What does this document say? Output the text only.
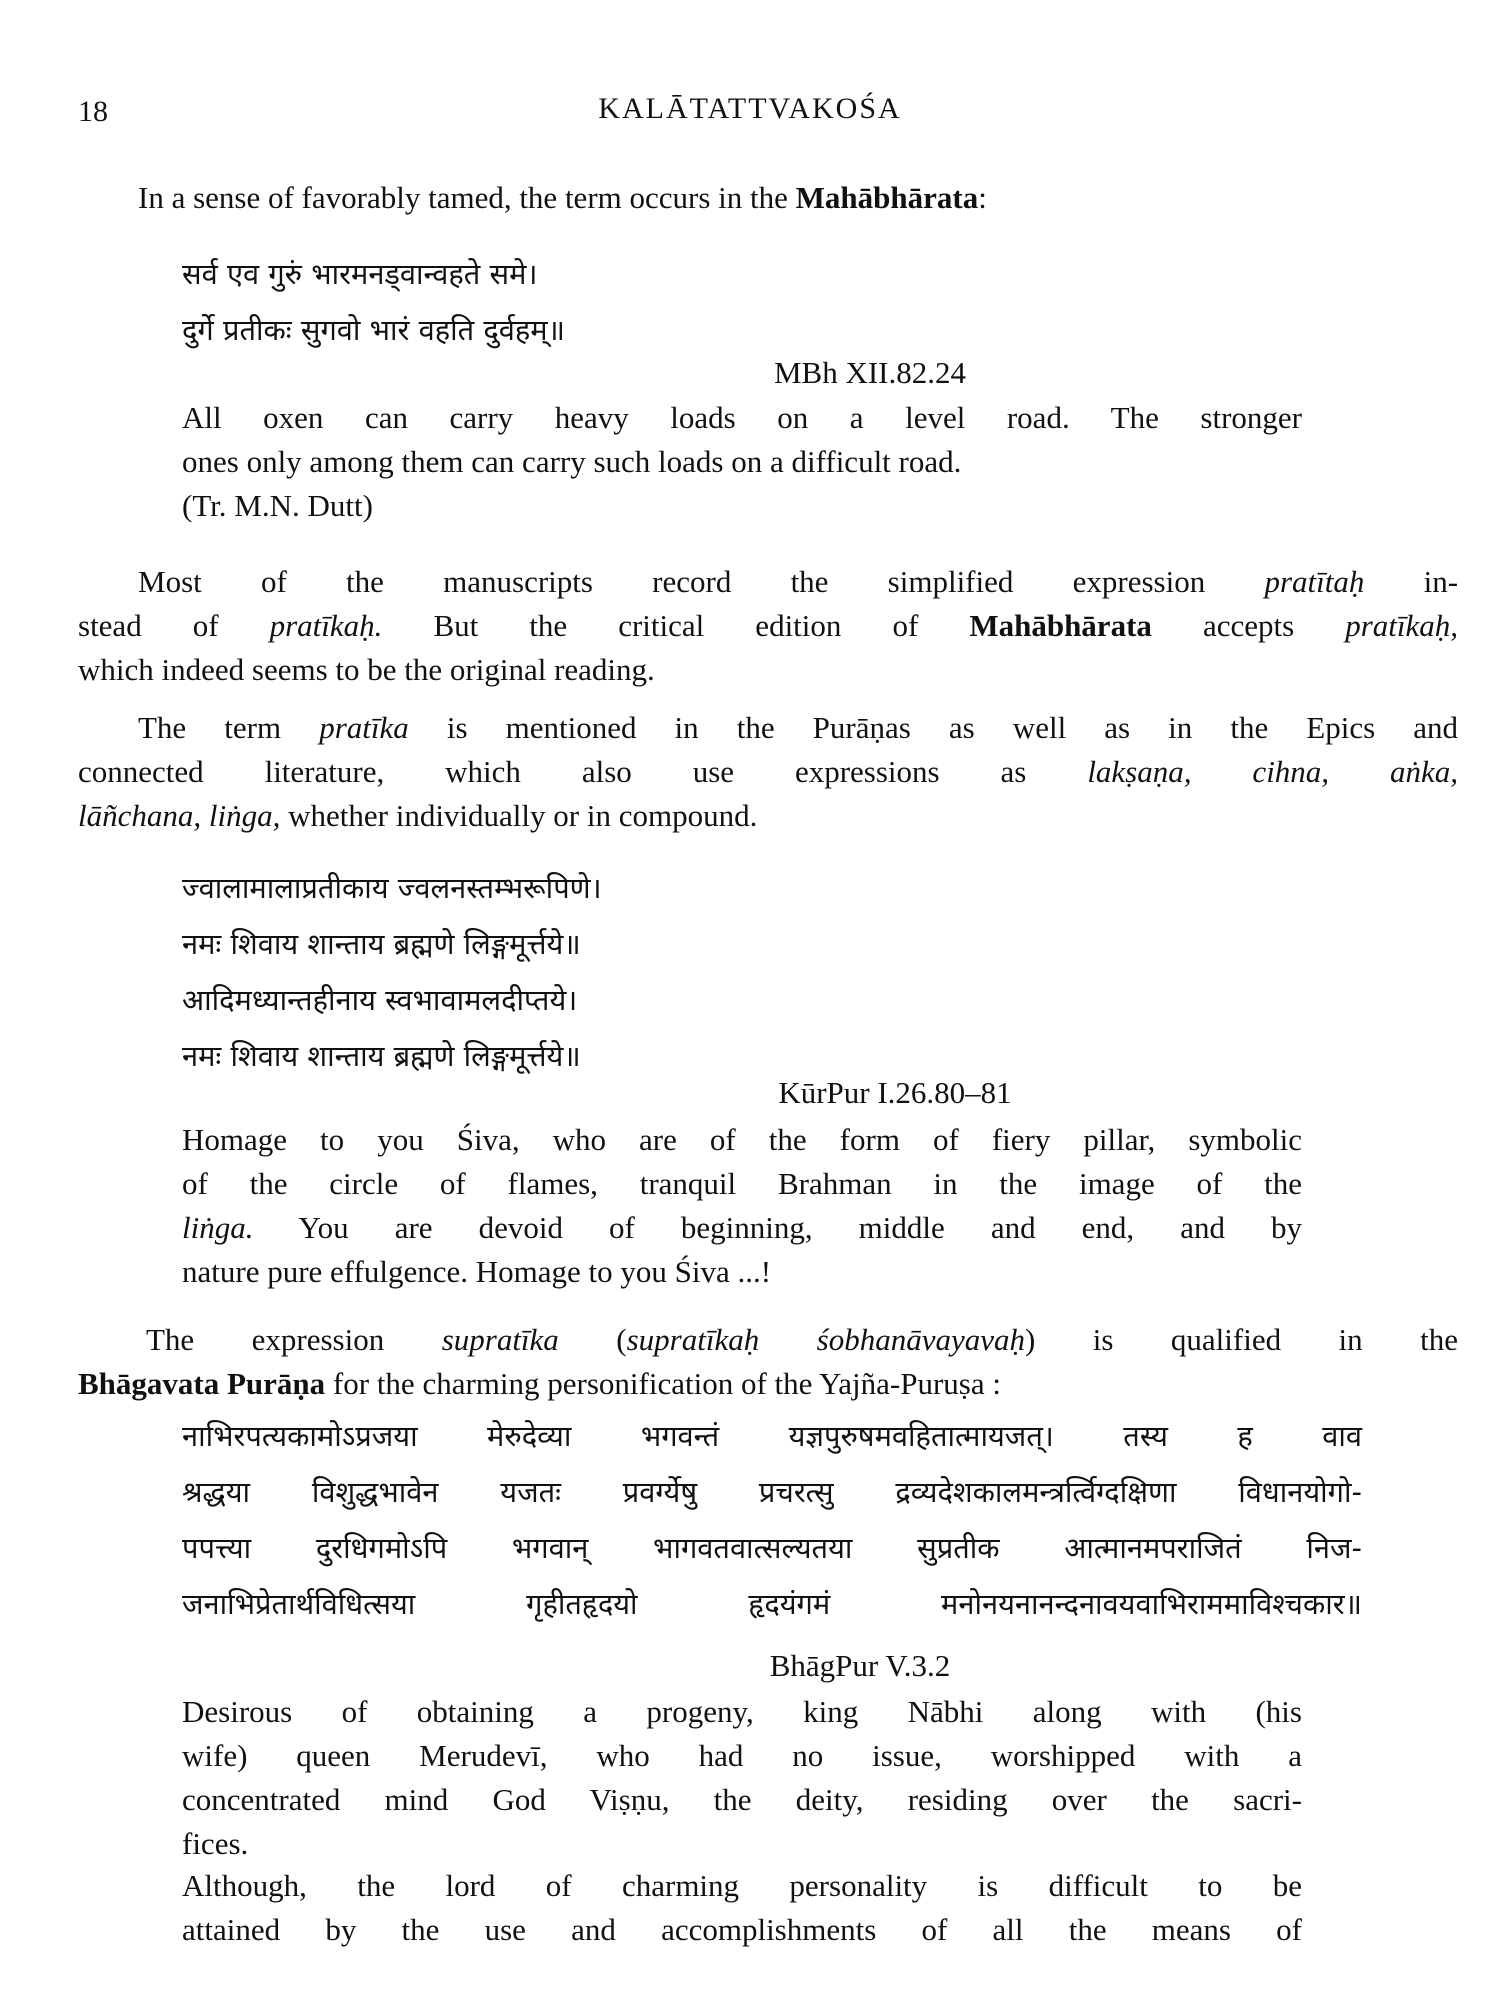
18	KALĀTATTVAKOŚA
In a sense of favorably tamed, the term occurs in the Mahābhārata:
सर्व एव गुरुं भारमनड्वान्वहते समे।
दुर्गे प्रतीकः सुगवो भारं वहति दुर्वहम्॥
MBh XII.82.24
All oxen can carry heavy loads on a level road. The stronger
ones only among them can carry such loads on a difficult road.
(Tr. M.N. Dutt)
Most of the manuscripts record the simplified expression pratītaḥ in-
stead of pratīkaḥ. But the critical edition of Mahābhārata accepts pratīkaḥ,
which indeed seems to be the original reading.
The term pratīka is mentioned in the Purāṇas as well as in the Epics and
connected literature, which also use expressions as lakṣaṇa, cihna, aṅka,
lāñchana, liṅga, whether individually or in compound.
ज्वालामालाप्रतीकाय ज्वलनस्तम्भरूपिणे।
नमः शिवाय शान्ताय ब्रह्मणे लिङ्गमूर्त्तये॥
आदिमध्यान्तहीनाय स्वभावामलदीप्तये।
नमः शिवाय शान्ताय ब्रह्मणे लिङ्गमूर्त्तये॥
KūrPur I.26.80–81
Homage to you Śiva, who are of the form of fiery pillar, symbolic
of the circle of flames, tranquil Brahman in the image of the
liṅga. You are devoid of beginning, middle and end, and by
nature pure effulgence. Homage to you Śiva ...!
The expression supratīka (supratīkaḥ śobhanāvayavaḥ) is qualified in the
Bhāgavata Purāṇa for the charming personification of the Yajña-Puruṣa :
नाभिरपत्यकामोऽप्रजया मेरुदेव्या भगवन्तं यज्ञपुरुषमवहितात्मायजत्। तस्य ह वाव
श्रद्धया विशुद्धभावेन यजतः प्रवर्ग्येषु प्रचरत्सु द्रव्यदेशकालमन्त्रर्त्विग्दक्षिणा विधानयोगो-
पपत्त्या दुरधिगमोऽपि भगवान् भागवतवात्सल्यतया सुप्रतीक आत्मानमपराजितं निज-
जनाभिप्रेतार्थविधित्सया गृहीतहृदयो हृदयंगमं मनोनयनानन्दनावयवाभिराममाविश्चकार॥
BhāgPur V.3.2
Desirous of obtaining a progeny, king Nābhi along with (his
wife) queen Merudevī, who had no issue, worshipped with a
concentrated mind God Viṣṇu, the deity, residing over the sacri-
fices.
Although, the lord of charming personality is difficult to be
attained by the use and accomplishments of all the means of
